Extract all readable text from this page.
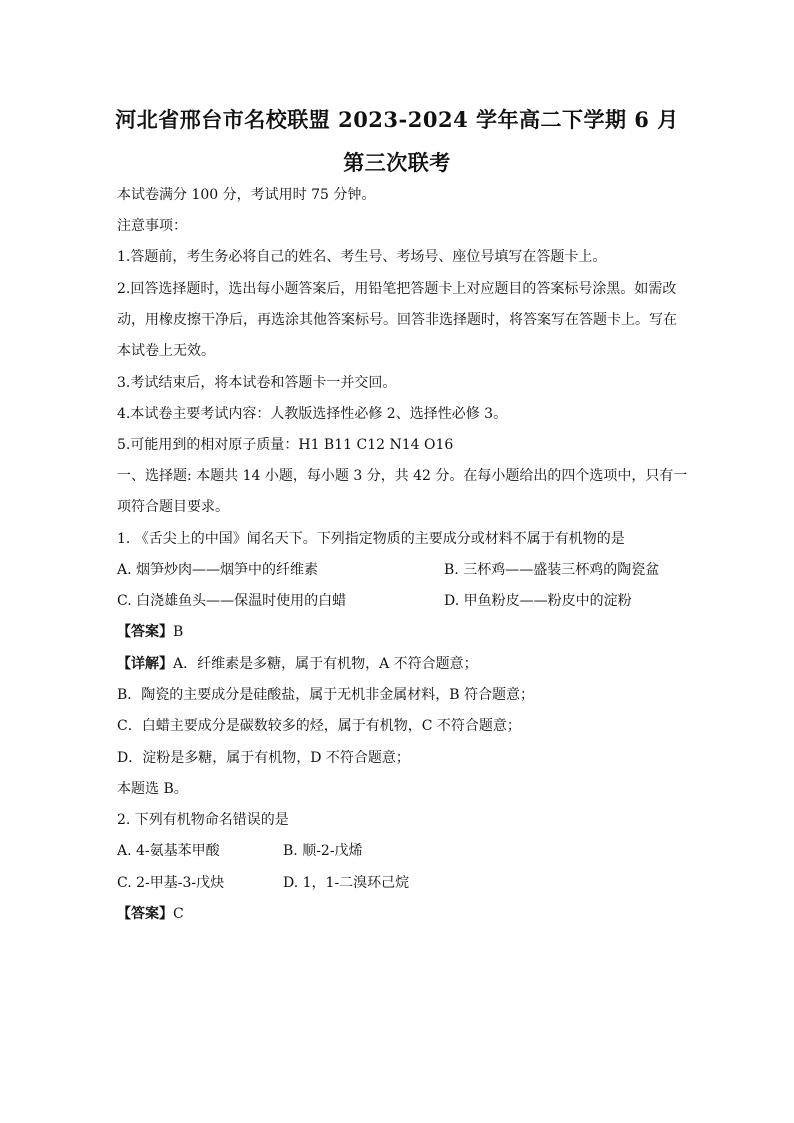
河北省邢台市名校联盟 2023-2024 学年高二下学期 6 月
第三次联考
本试卷满分 100 分，考试用时 75 分钟。
注意事项：
1.答题前，考生务必将自己的姓名、考生号、考场号、座位号填写在答题卡上。
2.回答选择题时，选出每小题答案后，用铅笔把答题卡上对应题目的答案标号涂黑。如需改
动，用橡皮擦干净后，再选涂其他答案标号。回答非选择题时，将答案写在答题卡上。写在
本试卷上无效。
3.考试结束后，将本试卷和答题卡一并交回。
4.本试卷主要考试内容：人教版选择性必修 2、选择性必修 3。
5.可能用到的相对原子质量：H1 B11 C12 N14 O16
一、选择题: 本题共 14 小题，每小题 3 分，共 42 分。在每小题给出的四个选项中，只有一
项符合题目要求。
1. 《舌尖上的中国》闻名天下。下列指定物质的主要成分或材料不属于有机物的是
A. 烟笋炒肉——烟笋中的纤维素	B. 三杯鸡——盛装三杯鸡的陶瓷盆
C. 白浇雄鱼头——保温时使用的白蜡	D. 甲鱼粉皮——粉皮中的淀粉
【答案】B
【详解】A．纤维素是多糖，属于有机物，A 不符合题意；
B．陶瓷的主要成分是硅酸盐，属于无机非金属材料，B 符合题意；
C．白蜡主要成分是碳数较多的烃，属于有机物，C 不符合题意；
D．淀粉是多糖，属于有机物，D 不符合题意；
本题选 B。
2. 下列有机物命名错误的是
A. 4-氨基苯甲酸	B. 顺-2-戊烯
C. 2-甲基-3-戊炔	D. 1，1-二溴环己烷
【答案】C
